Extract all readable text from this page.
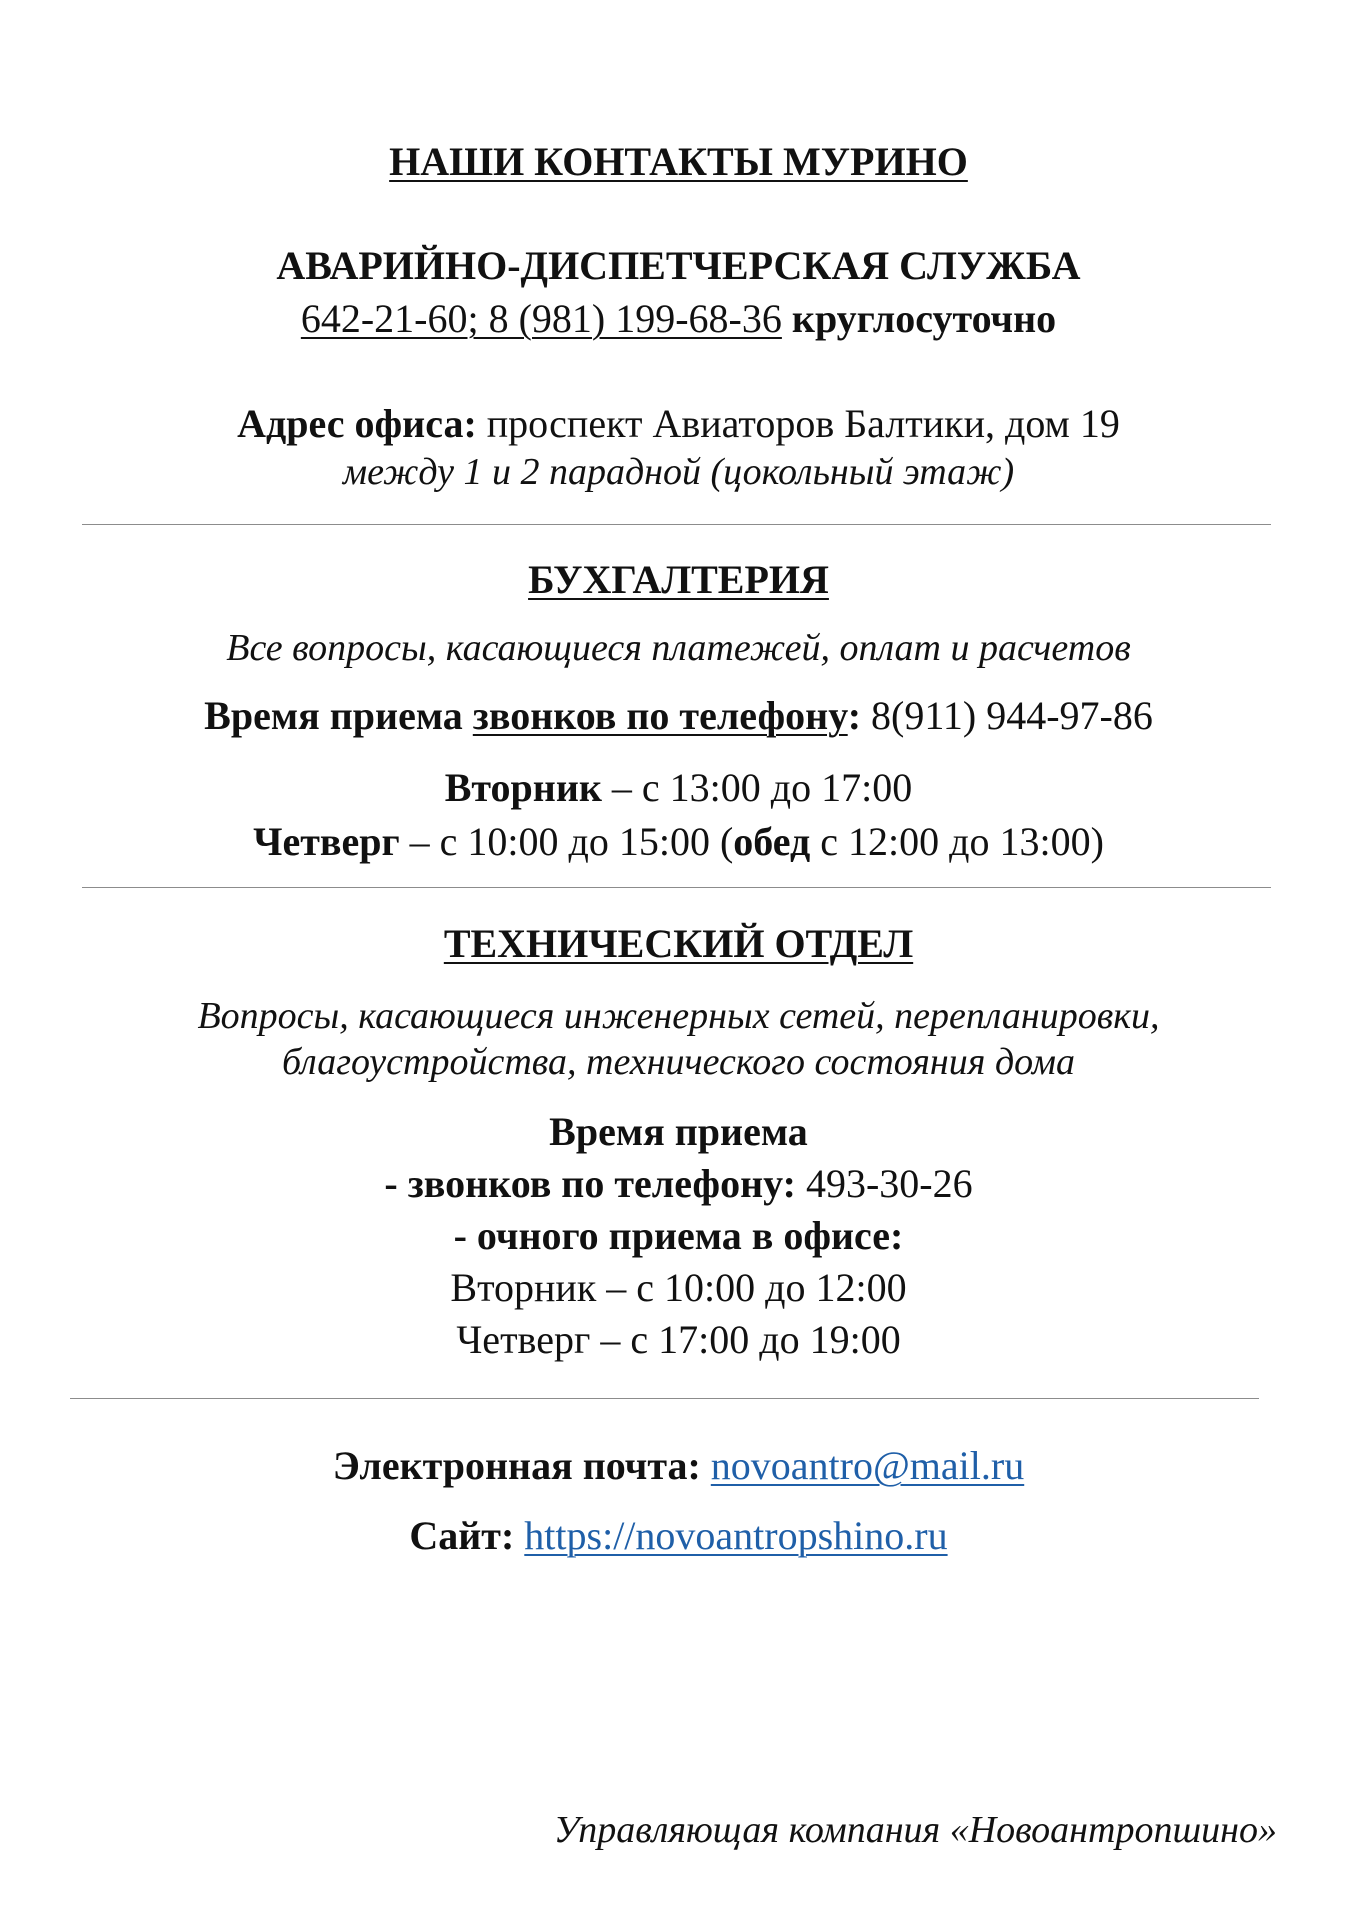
НАШИ КОНТАКТЫ МУРИНО
АВАРИЙНО-ДИСПЕТЧЕРСКАЯ СЛУЖБА
642-21-60; 8 (981) 199-68-36 круглосуточно
Адрес офиса: проспект Авиаторов Балтики, дом 19
между 1 и 2 парадной (цокольный этаж)
БУХГАЛТЕРИЯ
Все вопросы, касающиеся платежей, оплат и расчетов
Время приема звонков по телефону: 8(911) 944-97-86
Вторник – с 13:00 до 17:00
Четверг – с 10:00 до 15:00 (обед с 12:00 до 13:00)
ТЕХНИЧЕСКИЙ ОТДЕЛ
Вопросы, касающиеся инженерных сетей, перепланировки,
благоустройства, технического состояния дома
Время приема
- звонков по телефону: 493-30-26
- очного приема в офисе:
Вторник – с 10:00 до 12:00
Четверг – с 17:00 до 19:00
Электронная почта: novoantro@mail.ru
Сайт: https://novoantropshino.ru
Управляющая компания «Новоантропшино»
